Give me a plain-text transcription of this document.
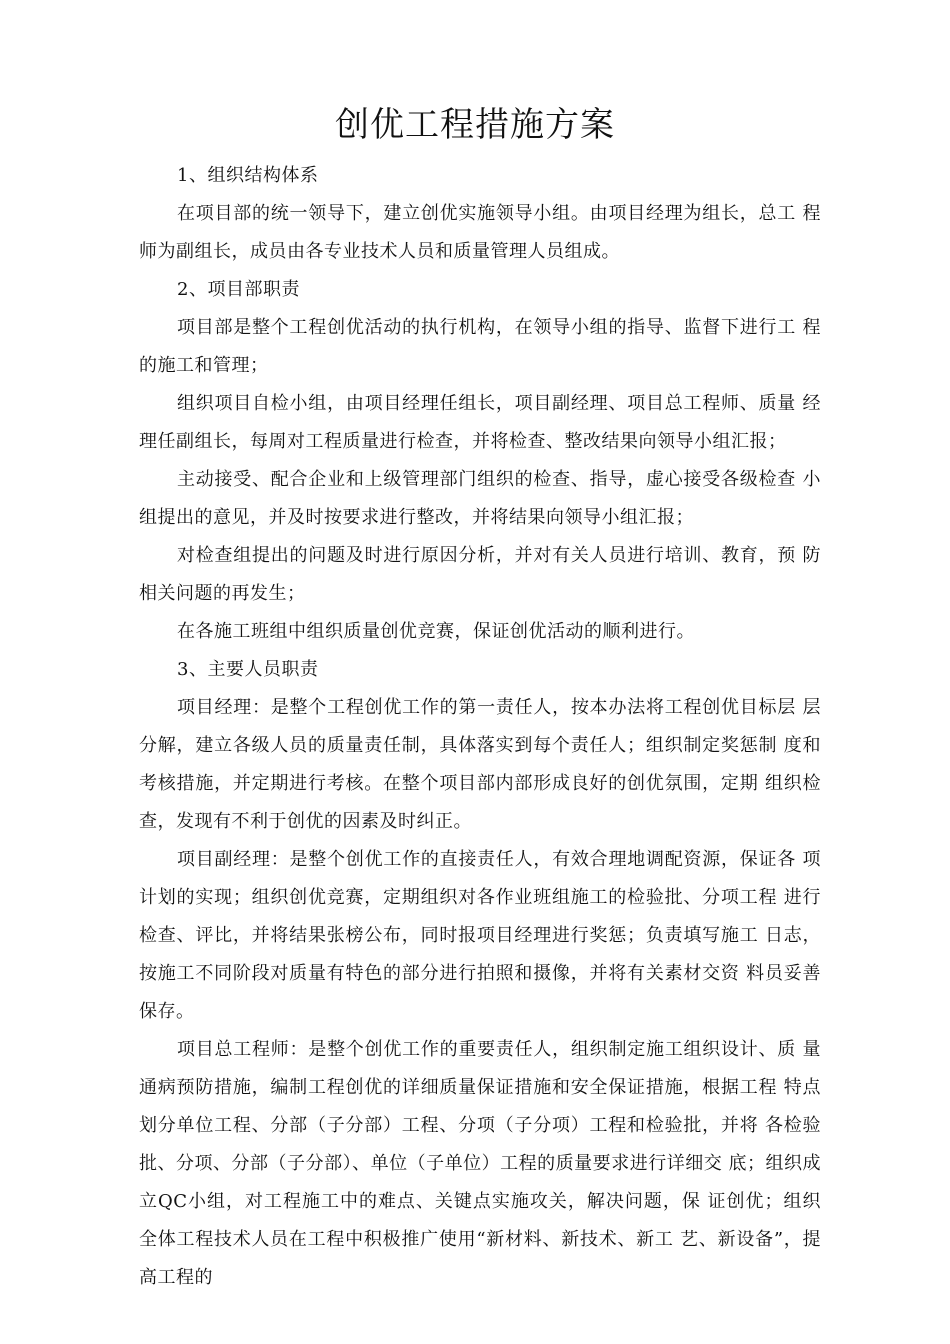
创优工程措施方案

1、组织结构体系

在项目部的统一领导下，建立创优实施领导小组。由项目经理为组长，总工 程师为副组长，成员由各专业技术人员和质量管理人员组成。

2、项目部职责

项目部是整个工程创优活动的执行机构，在领导小组的指导、监督下进行工 程的施工和管理；

组织项目自检小组，由项目经理任组长，项目副经理、项目总工程师、质量 经理任副组长，每周对工程质量进行检查，并将检查、整改结果向领导小组汇报；

主动接受、配合企业和上级管理部门组织的检查、指导，虚心接受各级检查 小组提出的意见，并及时按要求进行整改，并将结果向领导小组汇报；

对检查组提出的问题及时进行原因分析，并对有关人员进行培训、教育，预 防相关问题的再发生；

在各施工班组中组织质量创优竞赛，保证创优活动的顺利进行。

3、主要人员职责

项目经理：是整个工程创优工作的第一责任人，按本办法将工程创优目标层 层分解，建立各级人员的质量责任制，具体落实到每个责任人；组织制定奖惩制 度和考核措施，并定期进行考核。在整个项目部内部形成良好的创优氛围，定期 组织检查，发现有不利于创优的因素及时纠正。

项目副经理：是整个创优工作的直接责任人，有效合理地调配资源，保证各 项计划的实现；组织创优竞赛，定期组织对各作业班组施工的检验批、分项工程 进行检查、评比，并将结果张榜公布，同时报项目经理进行奖惩；负责填写施工 日志，按施工不同阶段对质量有特色的部分进行拍照和摄像，并将有关素材交资 料员妥善保存。

项目总工程师：是整个创优工作的重要责任人，组织制定施工组织设计、质 量通病预防措施，编制工程创优的详细质量保证措施和安全保证措施，根据工程 特点划分单位工程、分部（子分部）工程、分项（子分项）工程和检验批，并将 各检验批、分项、分部（子分部）、单位（子单位）工程的质量要求进行详细交 底；组织成立QC小组，对工程施工中的难点、关键点实施攻关，解决问题，保 证创优；组织全体工程技术人员在工程中积极推广使用“新材料、新技术、新工 艺、新设备”，提高工程的
